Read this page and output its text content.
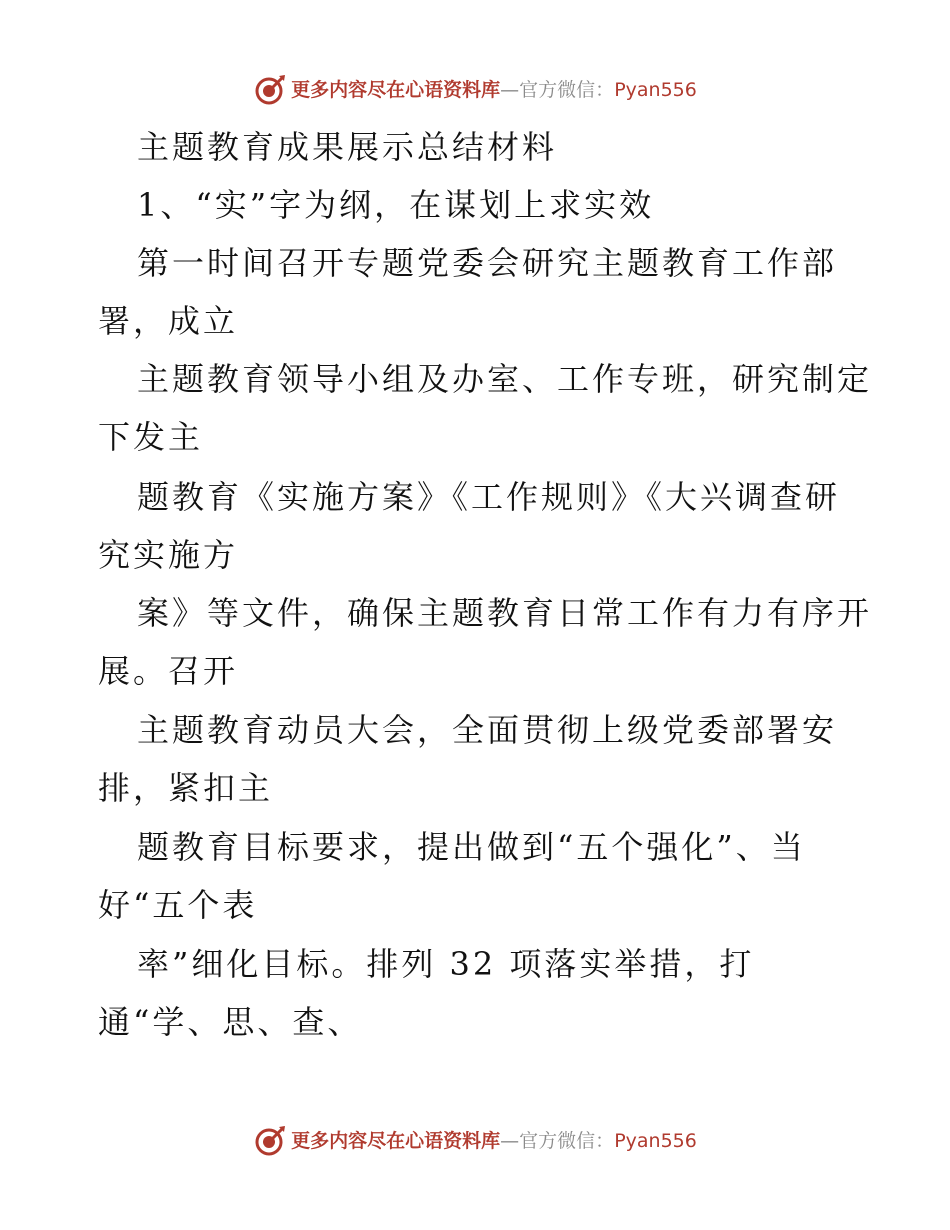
更多内容尽在心语资料库 —官方微信： Pyan556
主题教育成果展示总结材料
1、“实”字为纲，在谋划上求实效
第一时间召开专题党委会研究主题教育工作部
署，成立
主题教育领导小组及办室、工作专班，研究制定
下发主
题教育《实施方案》《工作规则》《大兴调查研
究实施方
案》等文件，确保主题教育日常工作有力有序开
展。召开
主题教育动员大会，全面贯彻上级党委部署安
排，紧扣主
题教育目标要求，提出做到“五个强化”、当
好“五个表
率”细化目标。排列 32 项落实举措，打
通“学、思、查、
更多内容尽在心语资料库 —官方微信： Pyan556
